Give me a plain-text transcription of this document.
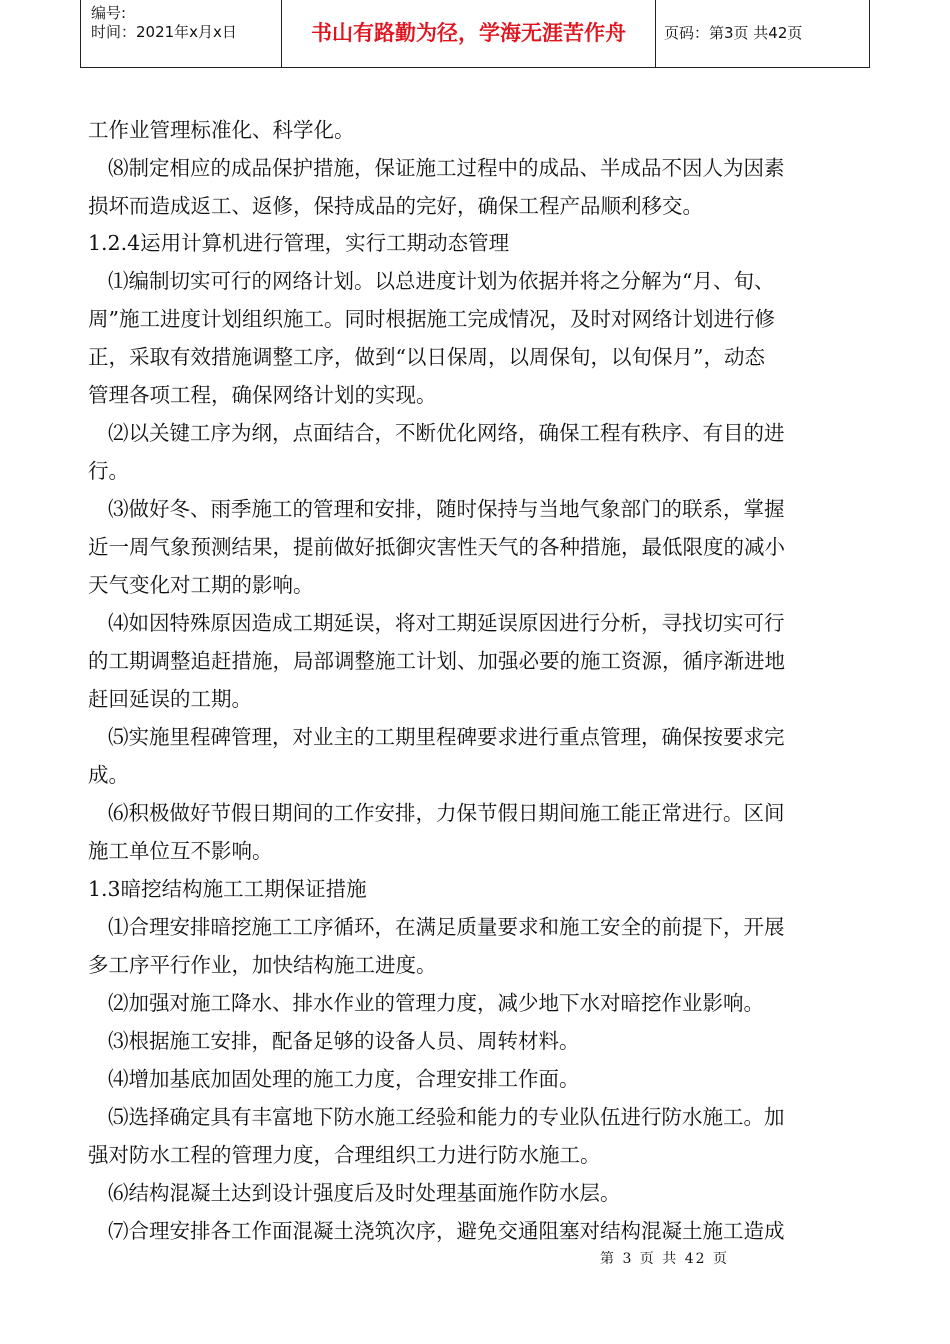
编号:
时间：2021年x月x日	书山有路勤为径，学海无涯苦作舟	页码：第3页 共42页
工作业管理标准化、科学化。
⑻制定相应的成品保护措施，保证施工过程中的成品、半成品不因人为因素
损坏而造成返工、返修，保持成品的完好，确保工程产品顺利移交。
1.2.4运用计算机进行管理，实行工期动态管理
⑴编制切实可行的网络计划。以总进度计划为依据并将之分解为“月、旬、
周”施工进度计划组织施工。同时根据施工完成情况，及时对网络计划进行修
正，采取有效措施调整工序，做到“以日保周，以周保旬，以旬保月”，动态
管理各项工程，确保网络计划的实现。
⑵以关键工序为纲，点面结合，不断优化网络，确保工程有秩序、有目的进
行。
⑶做好冬、雨季施工的管理和安排，随时保持与当地气象部门的联系，掌握
近一周气象预测结果，提前做好抵御灾害性天气的各种措施，最低限度的减小
天气变化对工期的影响。
⑷如因特殊原因造成工期延误，将对工期延误原因进行分析，寻找切实可行
的工期调整追赶措施，局部调整施工计划、加强必要的施工资源，循序渐进地
赶回延误的工期。
⑸实施里程碑管理，对业主的工期里程碑要求进行重点管理，确保按要求完
成。
⑹积极做好节假日期间的工作安排，力保节假日期间施工能正常进行。区间
施工单位互不影响。
1.3暗挖结构施工工期保证措施
⑴合理安排暗挖施工工序循环，在满足质量要求和施工安全的前提下，开展
多工序平行作业，加快结构施工进度。
⑵加强对施工降水、排水作业的管理力度，减少地下水对暗挖作业影响。
⑶根据施工安排，配备足够的设备人员、周转材料。
⑷增加基底加固处理的施工力度，合理安排工作面。
⑸选择确定具有丰富地下防水施工经验和能力的专业队伍进行防水施工。加
强对防水工程的管理力度，合理组织工力进行防水施工。
⑹结构混凝土达到设计强度后及时处理基面施作防水层。
⑺合理安排各工作面混凝土浇筑次序，避免交通阻塞对结构混凝土施工造成
第 3 页 共 42 页
